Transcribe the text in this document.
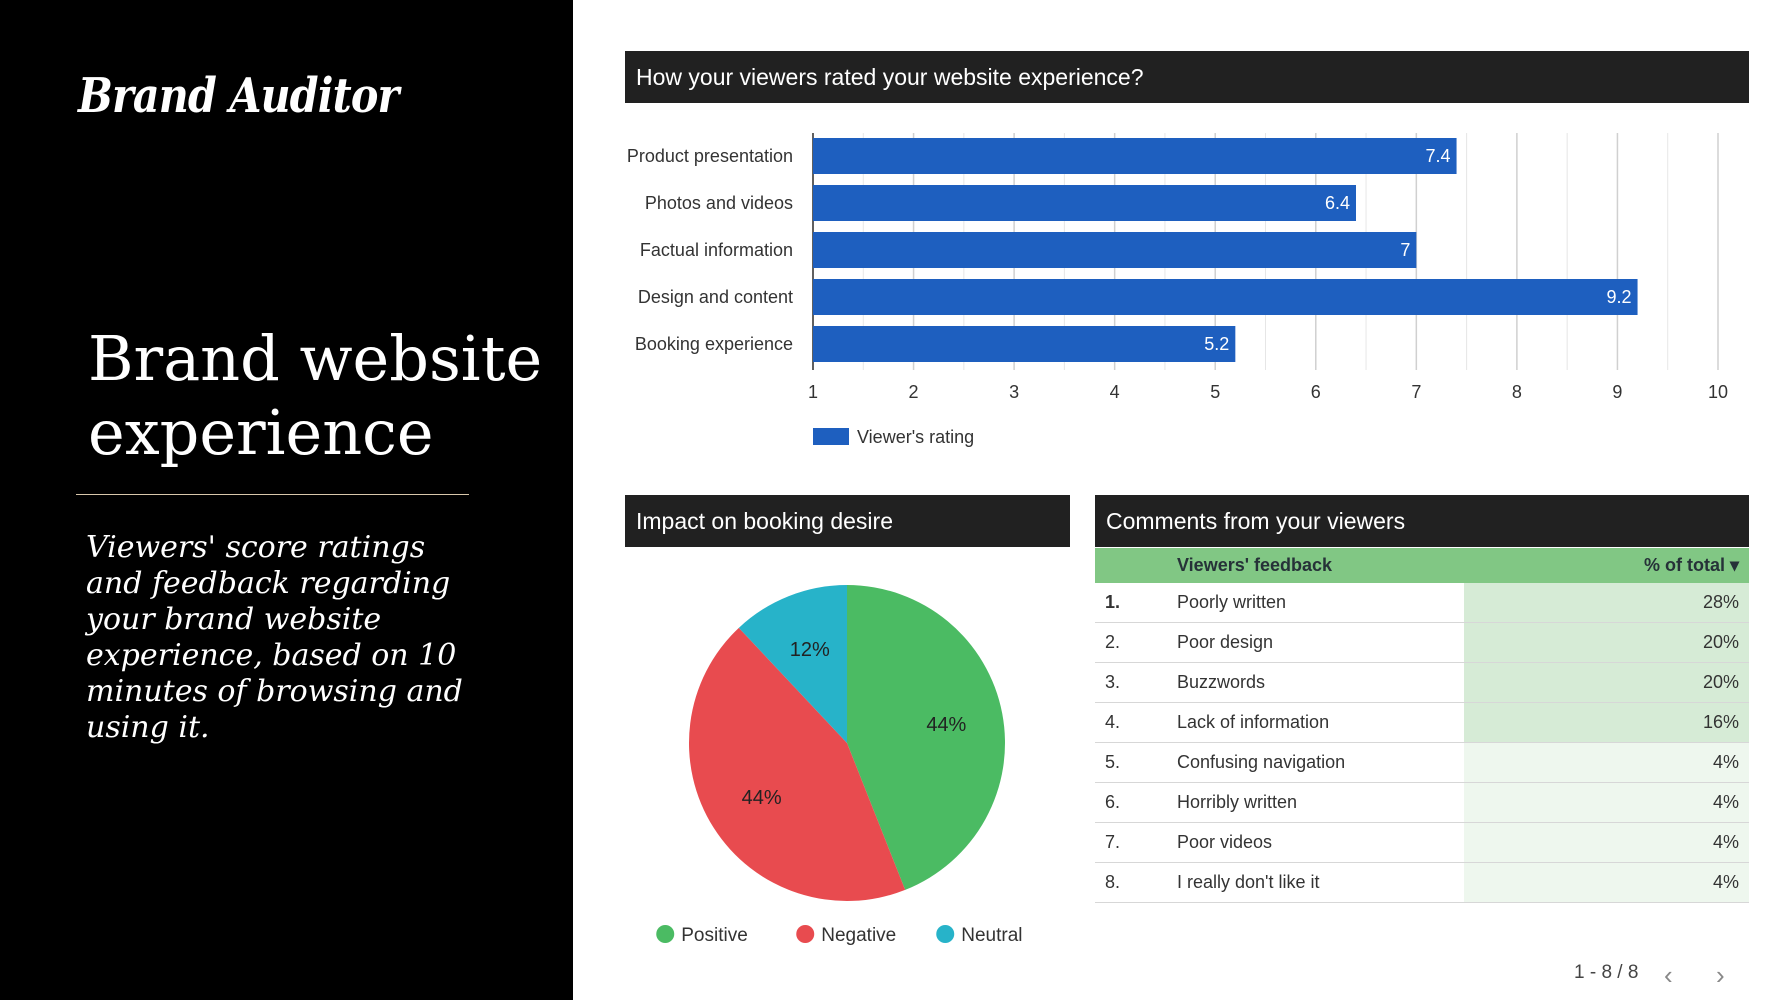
Brand Auditor
Brand website experience
Viewers' score ratings and feedback regarding your brand website experience, based on 10 minutes of browsing and using it.
How your viewers rated your website experience?
7.4
Product presentation
6.4
Photos and videos
7
Factual information
9.2
Design and content
5.2
Booking experience
1	2	3	4	5	6	7	8	9	10
Viewer's rating
Impact on booking desire
44%
44%
12%
Positive	Negative	Neutral
Comments from your viewers
	Viewers' feedback	% of total ▾
1.	Poorly written	28%
2.	Poor design	20%
3.	Buzzwords	20%
4.	Lack of information	16%
5.	Confusing navigation	4%
6.	Horribly written	4%
7.	Poor videos	4%
8.	I really don't like it	4%
1 - 8 / 8 ‹ ›
